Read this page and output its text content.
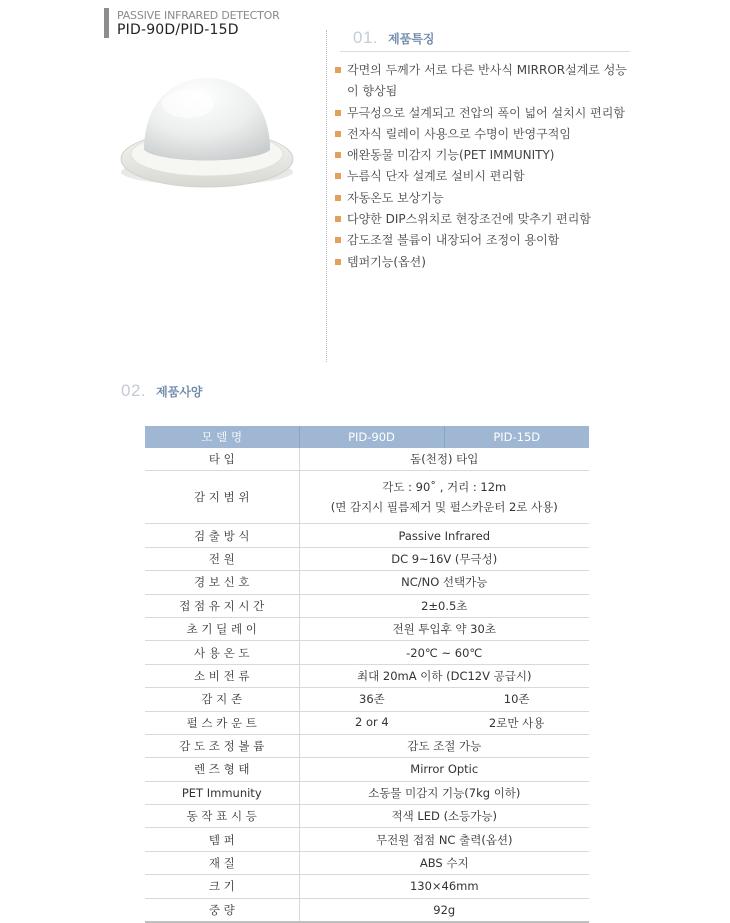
PASSIVE INFRARED DETECTOR
PID-90D/PID-15D	01. 제품특징
각면의 두께가 서로 다른 반사식 MIRROR설계로 성능이 향상됨
무극성으로 설계되고 전압의 폭이 넓어 설치시 편리함
전자식 릴레이 사용으로 수명이 반영구적임
애완동물 미감지 기능(PET IMMUNITY)
누름식 단자 설계로 설비시 편리함
자동온도 보상기능
다양한 DIP스위치로 현장조건에 맞추기 편리함
감도조절 볼륨이 내장되어 조정이 용이함
템퍼기능(옵션)
02. 제품사양
모 델 명	PID-90D	PID-15D
타 입	돔(천정) 타입	
감 지 범 위	각도 : 90˚ , 거리 : 12m
(면 감지시 필름제거 및 펄스카운터 2로 사용)	

검 출 방 식	Passive Infrared	
전 원	DC 9~16V (무극성)	
경 보 신 호	NC/NO 선택가능	
접 점 유 지 시 간	2±0.5초	
초 기 딜 레 이	전원 투입후 약 30초	
사 용 온 도	-20℃ ~ 60℃	
소 비 전 류	최대 20mA 이하 (DC12V 공급시)	
감 지 존	36존 10존	

펄 스 카 운 트	2 or 4 2로만 사용	

감 도 조 정 볼 륨	감도 조절 가능	
렌 즈 형 태	Mirror Optic	
PET Immunity	소동물 미감지 기능(7kg 이하)	
동 작 표 시 등	적색 LED (소등가능)	
템 퍼	무전원 접점 NC 출력(옵션)	
재 질	ABS 수지	
크 기	130×46mm	
중 량	92g	
